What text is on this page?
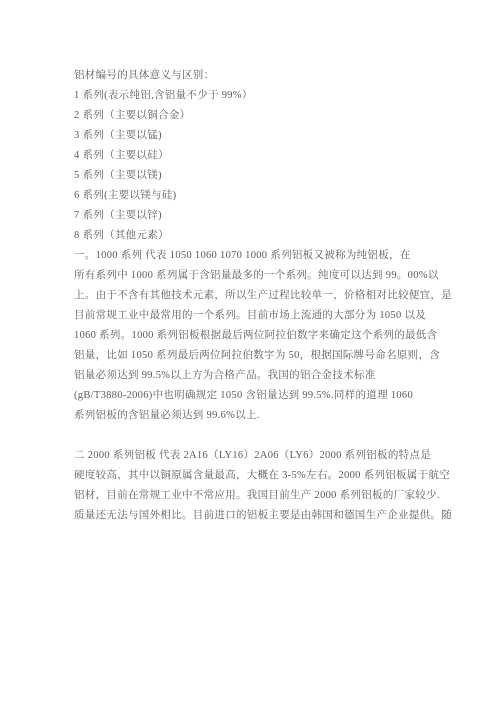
铝材编号的具体意义与区别：
1 系列(表示纯铝,含铝量不少于 99%）
2 系列（主要以铜合金）
3 系列（主要以锰)
4 系列（主要以硅）
5 系列（主要以镁)
6 系列(主要以镁与硅)
7 系列（主要以锌)
8 系列（其他元素）
一。1000 系列 代表 1050 1060 1070 1000 系列铝板又被称为纯铝板，在
所有系列中 1000 系列属于含铝量最多的一个系列。纯度可以达到 99。00%以
上。由于不含有其他技术元素，所以生产过程比较单一，价格相对比较便宜，是
目前常规工业中最常用的一个系列。目前市场上流通的大部分为 1050 以及
1060 系列。1000 系列铝板根据最后两位阿拉伯数字来确定这个系列的最低含
铝量，比如 1050 系列最后两位阿拉伯数字为 50，根据国际牌号命名原则，含
铝量必须达到 99.5%以上方为合格产品。我国的铝合金技术标准
(gB/T3880-2006)中也明确规定 1050 含铝量达到 99.5%.同样的道理 1060
系列铝板的含铝量必须达到 99.6%以上.
二 2000 系列铝板 代表 2A16（LY16）2A06（LY6）2000 系列铝板的特点是
硬度较高，其中以铜原属含量最高，大概在 3-5%左右。2000 系列铝板属于航空
铝材，目前在常规工业中不常应用。我国目前生产 2000 系列铝板的厂家较少.
质量还无法与国外相比。目前进口的铝板主要是由韩国和德国生产企业提供。随
